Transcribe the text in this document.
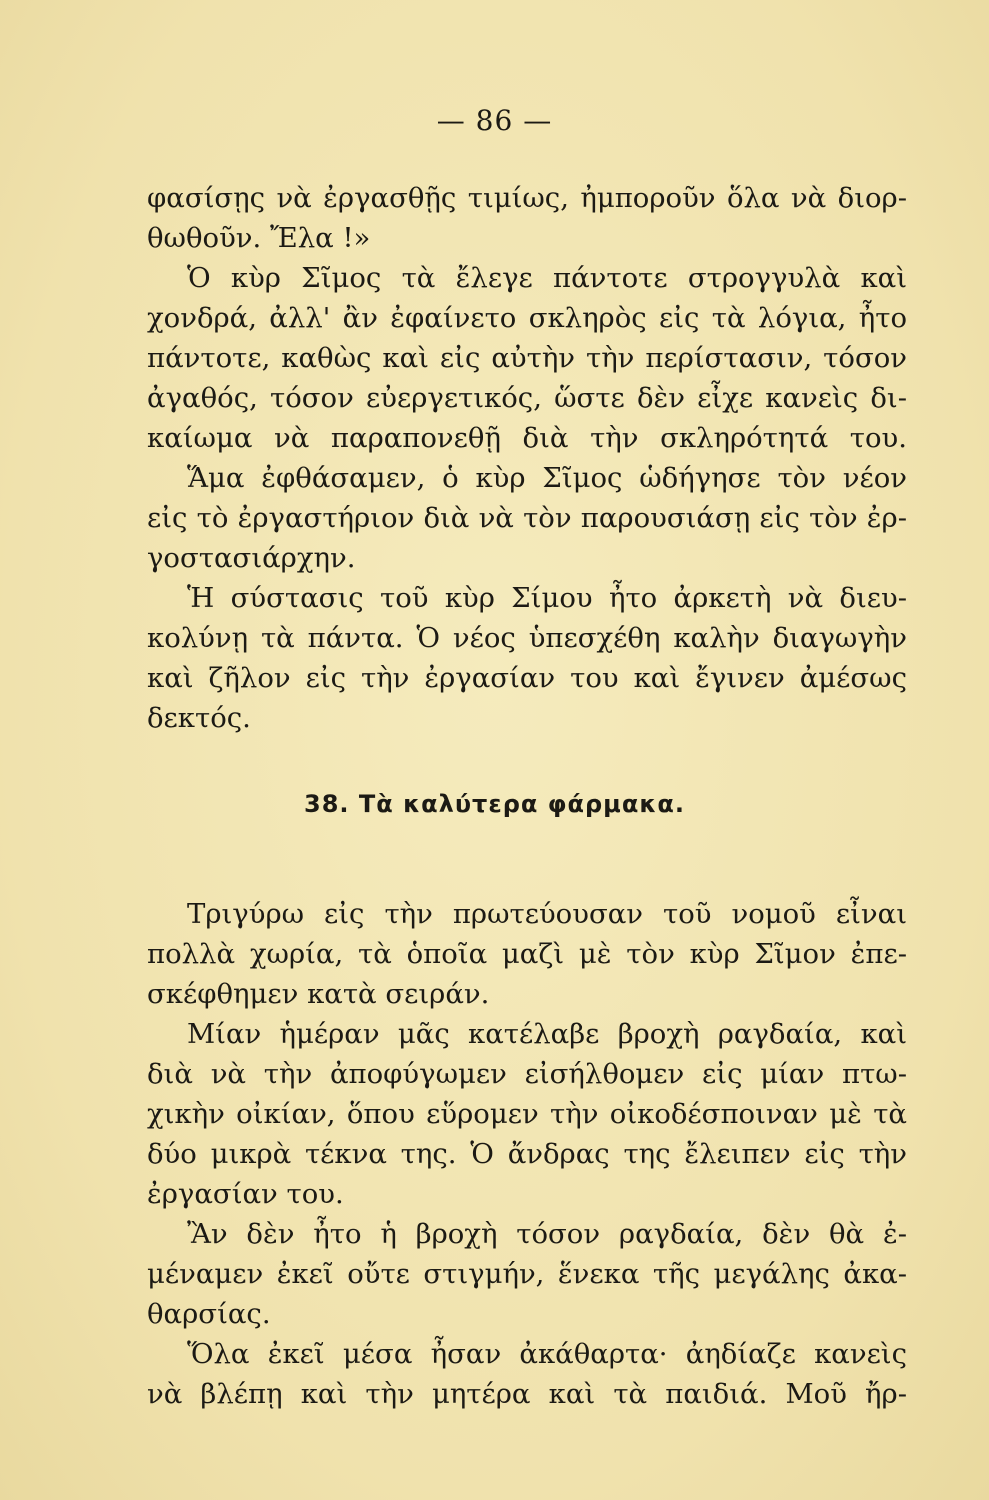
— 86 —
φασίσῃς νὰ ἐργασθῇς τιμίως, ἠμποροῦν ὅλα νὰ διορ-
θωθοῦν. Ἔλα !»
Ὁ κὺρ Σῖμος τὰ ἔλεγε πάντοτε στρογγυλὰ καὶ
χονδρά, ἀλλ' ἂν ἐφαίνετο σκληρὸς εἰς τὰ λόγια, ἦτο
πάντοτε, καθὼς καὶ εἰς αὐτὴν τὴν περίστασιν, τόσον
ἀγαθός, τόσον εὐεργετικός, ὥστε δὲν εἶχε κανεὶς δι-
καίωμα νὰ παραπονεθῇ διὰ τὴν σκληρότητά του.
Ἅμα ἐφθάσαμεν, ὁ κὺρ Σῖμος ὡδήγησε τὸν νέον
εἰς τὸ ἐργαστήριον διὰ νὰ τὸν παρουσιάσῃ εἰς τὸν ἐρ-
γοστασιάρχην.
Ἡ σύστασις τοῦ κὺρ Σίμου ἦτο ἀρκετὴ νὰ διευ-
κολύνῃ τὰ πάντα. Ὁ νέος ὑπεσχέθη καλὴν διαγωγὴν
καὶ ζῆλον εἰς τὴν ἐργασίαν του καὶ ἔγινεν ἀμέσως
δεκτός.
38. Τὰ καλύτερα φάρμακα.
Τριγύρω εἰς τὴν πρωτεύουσαν τοῦ νομοῦ εἶναι
πολλὰ χωρία, τὰ ὁποῖα μαζὶ μὲ τὸν κὺρ Σῖμον ἐπε-
σκέφθημεν κατὰ σειράν.
Μίαν ἡμέραν μᾶς κατέλαβε βροχὴ ραγδαία, καὶ
διὰ νὰ τὴν ἀποφύγωμεν εἰσήλθομεν εἰς μίαν πτω-
χικὴν οἰκίαν, ὅπου εὕρομεν τὴν οἰκοδέσποιναν μὲ τὰ
δύο μικρὰ τέκνα της. Ὁ ἄνδρας της ἔλειπεν εἰς τὴν
ἐργασίαν του.
Ἂν δὲν ἦτο ἡ βροχὴ τόσον ραγδαία, δὲν θὰ ἐ-
μέναμεν ἐκεῖ οὔτε στιγμήν, ἕνεκα τῆς μεγάλης ἀκα-
θαρσίας.
Ὅλα ἐκεῖ μέσα ἦσαν ἀκάθαρτα· ἀηδίαζε κανεὶς
νὰ βλέπῃ καὶ τὴν μητέρα καὶ τὰ παιδιά. Μοῦ ἤρ-
